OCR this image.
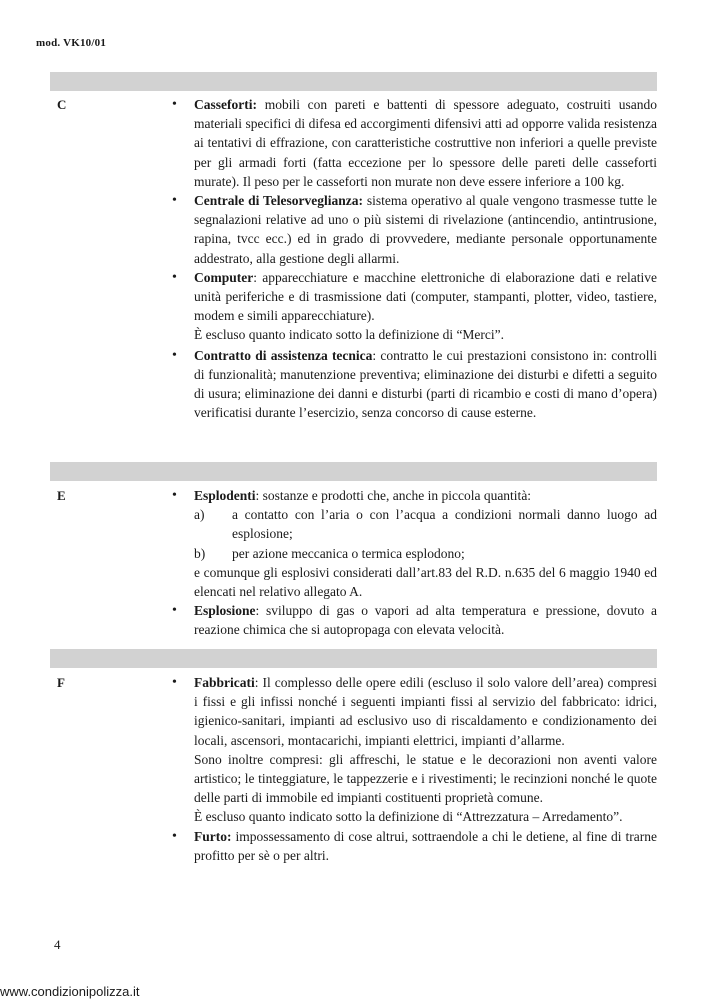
mod. VK10/01
C	• Casseforti: mobili con pareti e battenti di spessore adeguato, costruiti usando materiali specifici di difesa ed accorgimenti difensivi atti ad opporre valida resistenza ai tentativi di effrazione, con caratteristiche costruttive non inferiori a quelle previste per gli armadi forti (fatta eccezione per lo spessore delle pareti delle casseforti murate). Il peso per le casseforti non murate non deve essere inferiore a 100 kg.
• Centrale di Telesorveglianza: sistema operativo al quale vengono trasmesse tutte le segnalazioni relative ad uno o più sistemi di rivelazione (antincendio, antintrusione, rapina, tvcc ecc.) ed in grado di provvedere, mediante personale opportunamente addestrato, alla gestione degli allarmi.
• Computer: apparecchiature e macchine elettroniche di elaborazione dati e relative unità periferiche e di trasmissione dati (computer, stampanti, plotter, video, tastiere, modem e simili apparecchiature).
È escluso quanto indicato sotto la definizione di “Merci”.
• Contratto di assistenza tecnica: contratto le cui prestazioni consistono in: controlli di funzionalità; manutenzione preventiva; eliminazione dei disturbi e difetti a seguito di usura; eliminazione dei danni e disturbi (parti di ricambio e costi di mano d’opera) verificatisi durante l’esercizio, senza concorso di cause esterne.
E	• Esplodenti: sostanze e prodotti che, anche in piccola quantità:
a) a contatto con l’aria o con l’acqua a condizioni normali danno luogo ad esplosione;
b) per azione meccanica o termica esplodono;
e comunque gli esplosivi considerati dall’art.83 del R.D. n.635 del 6 maggio 1940 ed elencati nel relativo allegato A.
• Esplosione: sviluppo di gas o vapori ad alta temperatura e pressione, dovuto a reazione chimica che si autopropaga con elevata velocità.
F	• Fabbricati: Il complesso delle opere edili (escluso il solo valore dell’area) compresi i fissi e gli infissi nonché i seguenti impianti fissi al servizio del fabbricato: idrici, igienico-sanitari, impianti ad esclusivo uso di riscaldamento e condizionamento dei locali, ascensori, montacarichi, impianti elettrici, impianti d’allarme.
Sono inoltre compresi: gli affreschi, le statue e le decorazioni non aventi valore artistico; le tinteggiature, le tappezzerie e i rivestimenti; le recinzioni nonché le quote delle parti di immobile ed impianti costituenti proprietà comune.
È escluso quanto indicato sotto la definizione di “Attrezzatura – Arredamento”.
• Furto: impossessamento di cose altrui, sottraendole a chi le detiene, al fine di trarne profitto per sè o per altri.
4
www.condizionipolizza.it
